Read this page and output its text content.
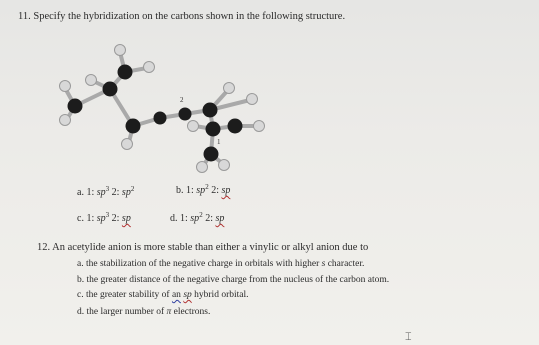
11. Specify the hybridization on the carbons shown in the following structure.
2
1
a. 1: $sp^3$ 2: $sp^2$	b. 1: $sp^2$ 2: sp
c. 1: $sp^3$ 2: sp	d. 1: $sp^2$ 2: sp
12. An acetylide anion is more stable than either a vinylic or alkyl anion due to
a. the stabilization of the negative charge in orbitals with higher s character.
b. the greater distance of the negative charge from the nucleus of the carbon atom.
c. the greater stability of an sp hybrid orbital.
d. the larger number of π electrons.
⌶
